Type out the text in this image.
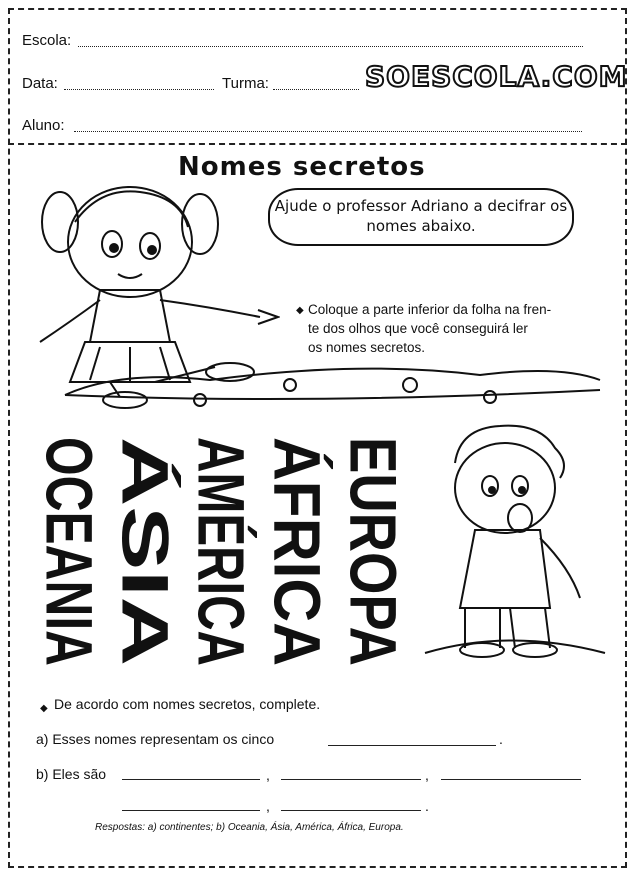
Escola:
Data:	Turma:	SOESCOLA.COM
Aluno:
Nomes secretos
Ajude o professor Adriano a decifrar os nomes abaixo.
◆ Coloque a parte inferior da folha na fren-
te dos olhos que você conseguirá ler
os nomes secretos.
OCEANIA ÁSIA AMÉRICA ÁFRICA EUROPA
◆ De acordo com nomes secretos, complete.
a) Esses nomes representam os cinco	.
b) Eles são	,	,
,	.
Respostas: a) continentes; b) Oceania, Ásia, América, África, Europa.
